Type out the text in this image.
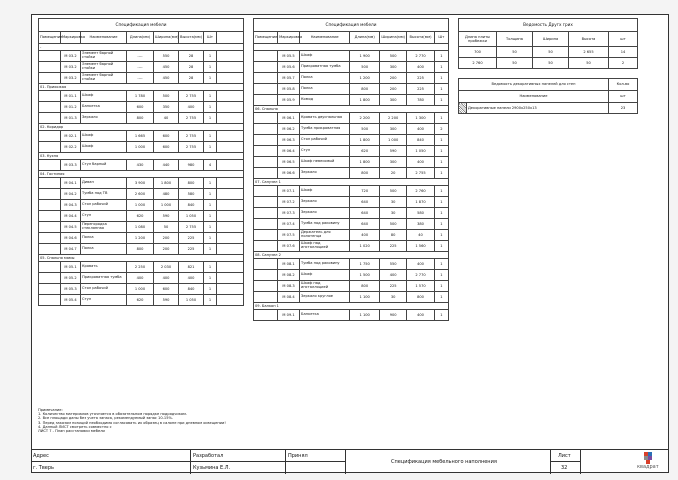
Спецификация мебели
Помещение	Маркировка	Наименование	Длина(мм)	Ширина(мм)	Высота(мм)	Шт	
-							
	М 03.2	Элемент барной стойки	----	550	28	1	
	М 03.2	Элемент барной стойки	----	450	28	1	
	М 03.2	Элемент барной стойки	----	450	28	1	
01. Прихожая							
	М 01.1	Шкаф	1 780	500	2 755	1	
	М 01.2	Банкетка	600	350	400	1	
	М 01.3	Зеркало	800	40	2 755	1	
02. Коридор							
	М 02.1	Шкаф	1 665	600	2 755	1	
	М 02.2	Шкаф	1 000	600	2 755	1	
03. Кухня							
	М 03.3	Стул барный	430	440	980	4	
04. Гостиная							
	М 04.1	Диван	3 900	1 800	800	1	
	М 04.2	Тумба под ТВ	2 600	480	580	1	
	М 04.3	Стол рабочий	1 000	1 000	840	1	
	М 04.4	Стул	620	590	1 050	1	
	М 04.5	Перегородка стеклянная	1 080	50	2 755	1	
	М 04.6	Полка	1 200	200	225	1	
	М 04.7	Полка	800	200	225	1	
05. Спальня мамы							
	М 05.1	Кровать	2 250	2 030	821	1	
	М 05.2	Прикроватная тумба	400	400	400	1	
	М 05.3	Стол рабочий	1 000	600	840	1	
	М 05.4	Стул	620	590	1 050	1	
Спецификация мебели
Помещение	Маркировка	Наименование	Длина(мм)	Ширина(мм)	Высота(мм)	Шт

	М 05.5	Шкаф	1 900	500	2 770	1
	М 05.6	Прикроватная тумба	500	300	400	1
	М 05.7	Полка	1 200	200	225	1
	М 05.8	Полка	800	200	225	1
	М 05.9	Комод	1 800	300	780	1
06. Спальня						
	М 06.1	Кровать двуспальная	2 200	2 200	1 300	1
	М 06.2	Тумба прикроватная	500	300	400	2
	М 06.3	Стол рабочий	1 800	1 000	840	1
	М 06.4	Стул	620	590	1 050	1
	М 06.5	Шкаф невесомый	1 800	300	400	1
	М 06.6	Зеркало	800	20	2 755	1
07. Санузел 1						
	М 07.1	Шкаф	720	500	2 760	1
	М 07.2	Зеркало	640	30	1 870	1
	М 07.3	Зеркало	640	30	580	1
	М 07.4	Тумба под раковину	640	500	380	1
	М 07.5	Держатель для полотенца	400	80	40	1
	М 07.6	Шкаф над инсталляцией	1 020	225	1 560	1
08. Санузел 2						
	М 08.1	Тумба под раковину	1 750	550	400	1
	М 08.2	Шкаф	1 500	400	2 770	1
	М 08.3	Шкаф над инсталляцией	800	225	1 570	1
	М 08.4	Зеркало круглое	1 100	30	800	1
09. Балкон 1						
	М 09.1	Банкетка	1 100	900	400	1
Ведомость Другх грих
Длина плиты пробежки	Толщина	Ширина	Высота	шт
700	50	50	2 655	14
2 760	50	50	50	2
Ведомость декоративных панелей для стен		Кол-во
Наименование		шт
	Декоративные панели 2900х250х13	23
Примечание:
1. Количество материалов уточняется в обязательном порядке подрядчиком.
2. Все площади даны без учета запаса, рекомендуемый запас 10-15%.
3. Перед заказом позиций необходимо согласовать их образец в салоне при дневном освещении!
4. Данный ЛИСТ смотреть совместно с
ЛИСТ 7 - План расстановки мебели
Адрес
г. Тверь
Разработал
Кузьмина Е.Л.
Принял
Спецификация мебельного наполнения
Лист
32	квадрат
